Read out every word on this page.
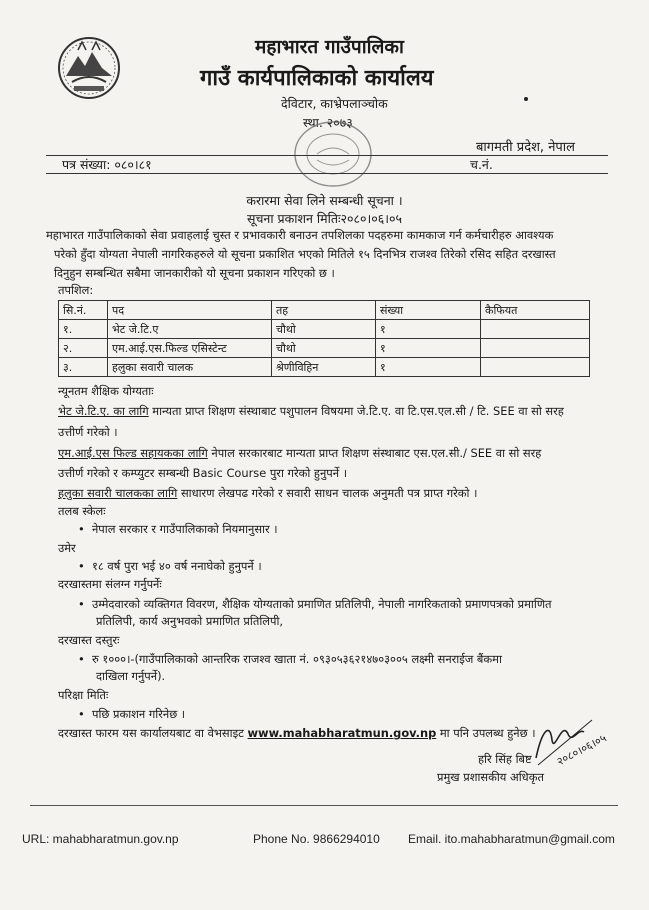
महाभारत गाउँपालिका
गाउँ कार्यपालिकाको कार्यालय
देविटार, काभ्रेपलाञ्चोक
स्था. २०७३
बागमती प्रदेश, नेपाल
पत्र संख्या: ०८०।८१	च.नं.
करारमा सेवा लिने सम्बन्धी सूचना ।
सूचना प्रकाशन मितिः२०८०।०६।०५
महाभारत गाउँपालिकाको सेवा प्रवाहलाई चुस्त र प्रभावकारी बनाउन तपशिलका पदहरुमा कामकाज गर्न कर्मचारीहरु आवश्यक
परेको हुँदा योग्यता नेपाली नागरिकहरुले यो सूचना प्रकाशित भएको मितिले १५ दिनभित्र राजश्व तिरेको रसिद सहित दरखास्त
दिनुहुन सम्बन्धित सबैमा जानकारीको यो सूचना प्रकाशन गरिएको छ ।
तपशिल:
सि.नं.	पद	तह	संख्या	कैफियत
१.	भेट जे.टि.ए	चौथो	१	
२.	एम.आई.एस.फिल्ड एसिस्टेन्ट	चौथो	१	
३.	हलुका सवारी चालक	श्रेणीविहिन	१	
न्यूनतम शैक्षिक योग्यताः
भेट जे.टि.ए. का लागि मान्यता प्राप्त शिक्षण संस्थाबाट पशुपालन विषयमा जे.टि.ए. वा टि.एस.एल.सी / टि. SEE वा सो सरह
उत्तीर्ण गरेको ।
एम.आई.एस फिल्ड सहायकका लागि नेपाल सरकारबाट मान्यता प्राप्त शिक्षण संस्थाबाट एस.एल.सी./ SEE वा सो सरह
उत्तीर्ण गरेको र कम्प्युटर सम्बन्धी Basic Course पुरा गरेको हुनुपर्ने ।
हलुका सवारी चालकका लागि साधारण लेखपढ गरेको र सवारी साधन चालक अनुमती पत्र प्राप्त गरेको ।
तलब स्केलः
•  नेपाल सरकार र गाउँपालिकाको नियमानुसार ।
उमेर
•  १८ वर्ष पुरा भई ४० वर्ष ननाघेको हुनुपर्ने ।
दरखास्तमा संलग्न गर्नुपर्नेः
•  उम्मेदवारको व्यक्तिगत विवरण, शैक्षिक योग्यताको प्रमाणित प्रतिलिपी, नेपाली नागरिकताको प्रमाणपत्रको प्रमाणित
प्रतिलिपी, कार्य अनुभवको प्रमाणित प्रतिलिपी,
दरखास्त दस्तुरः
•  रु १०००।-(गाउँपालिकाको आन्तरिक राजश्व खाता नं. ०९३०५३६२१४७०३००५ लक्ष्मी सनराईज बैंकमा
दाखिला गर्नुपर्ने).
परिक्षा मितिः
•  पछि प्रकाशन गरिनेछ ।
दरखास्त फारम यस कार्यालयबाट वा वेभसाइट www.mahabharatmun.gov.np मा पनि उपलब्ध हुनेछ । २०८०।०६।०५
हरि सिंह बिष्ट
प्रमुख प्रशासकीय अधिकृत
URL: mahabharatmun.gov.np	Phone No. 9866294010 Email. ito.mahabharatmun@gmail.com
